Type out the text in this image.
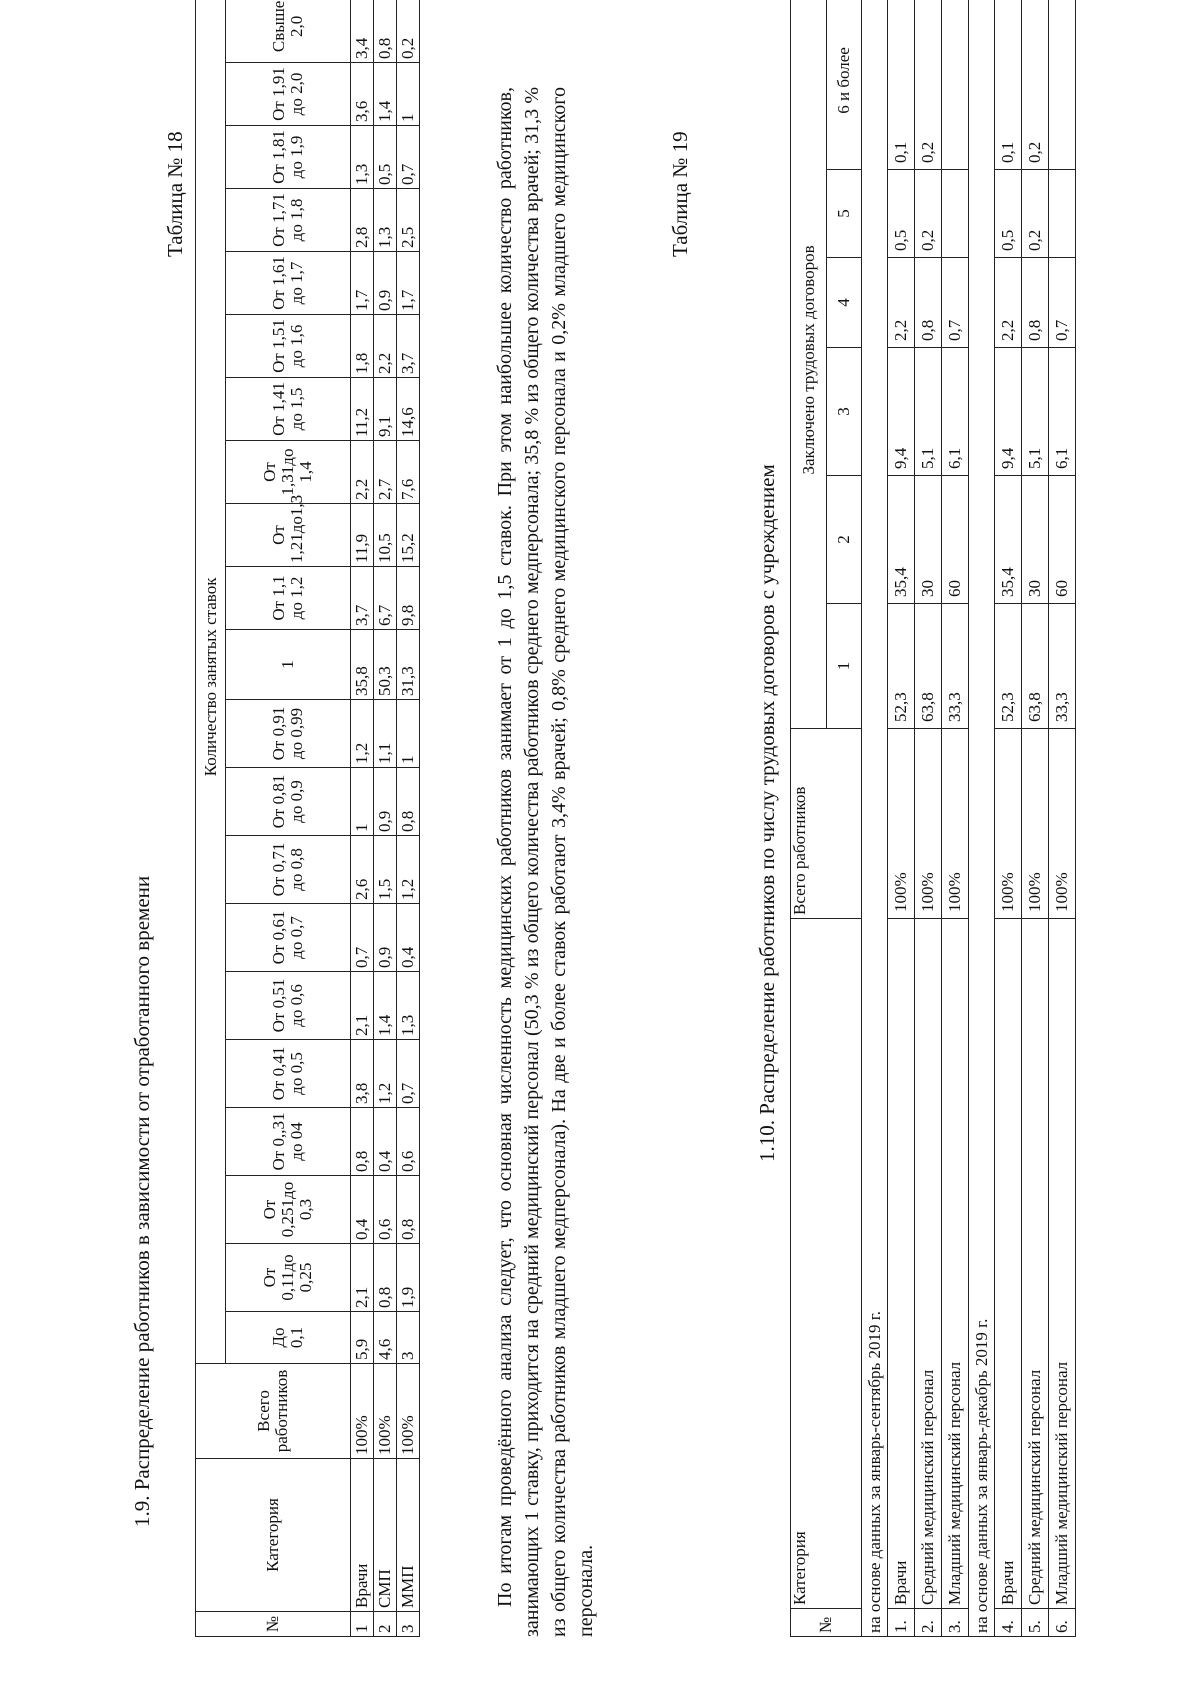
1.9. Распределение работников в зависимости от отработанного времени
Таблица № 18
№	Категория	Всего работников	Количество занятых ставок																				
			До 0,1	От 0,11до 0,25	От 0,251до 0,3	От 0,,31 до 04	От 0,41 до 0,5	От 0,51 до 0,6	От 0,61 до 0,7	От 0,71 до 0,8	От 0,81 до 0,9	От 0,91 до 0,99	1	От 1,1 до 1,2	От 1,21до1,3	От 1,31до 1,4	От 1,41 до 1,5	От 1,51 до 1,6	От 1,61 до 1,7	От 1,71 до 1,8	От 1,81 до 1,9	От 1,91 до 2,0	Свыше 2,0
1	Врачи	100%	5,9	2,1	0,4	0,8	3,8	2,1	0,7	2,6	1	1,2	35,8	3,7	11,9	2,2	11,2	1,8	1,7	2,8	1,3	3,6	3,4
2	СМП	100%	4,6	0,8	0,6	0,4	1,2	1,4	0,9	1,5	0,9	1,1	50,3	6,7	10,5	2,7	9,1	2,2	0,9	1,3	0,5	1,4	0,8
3	ММП	100%	3	1,9	0,8	0,6	0,7	1,3	0,4	1,2	0,8	1	31,3	9,8	15,2	7,6	14,6	3,7	1,7	2,5	0,7	1	0,2

По итогам проведённого анализа следует, что основная численность медицинских работников занимает от 1 до 1,5 ставок. При этом наибольшее количество работников, занимающих 1 ставку, приходится на средний медицинский персонал (50,3 % из общего количества работников среднего медперсонала; 35,8 % из общего количества врачей; 31,3 % из общего количества работников младшего медперсонала). На две и более ставок работают 3,4% врачей; 0,8% среднего медицинского персонала и 0,2% младшего медицинского персонала.

Таблица № 19
1.10. Распределение работников по числу трудовых договоров с учреждением
№	Категория	Всего работников	Заключено трудовых договоров					
			1	2	3	4	5	6 и более
на основе данных за январь-сентябрь 2019 г.								
1.	Врачи	100%	52,3	35,4	9,4	2,2	0,5	0,1
2.	Средний медицинский персонал	100%	63,8	30	5,1	0,8	0,2	0,2
3.	Младший медицинский персонал	100%	33,3	60	6,1	0,7		
на основе данных за январь-декабрь 2019 г.								
4.	Врачи	100%	52,3	35,4	9,4	2,2	0,5	0,1
5.	Средний медицинский персонал	100%	63,8	30	5,1	0,8	0,2	0,2
6.	Младший медицинский персонал	100%	33,3	60	6,1	0,7		
